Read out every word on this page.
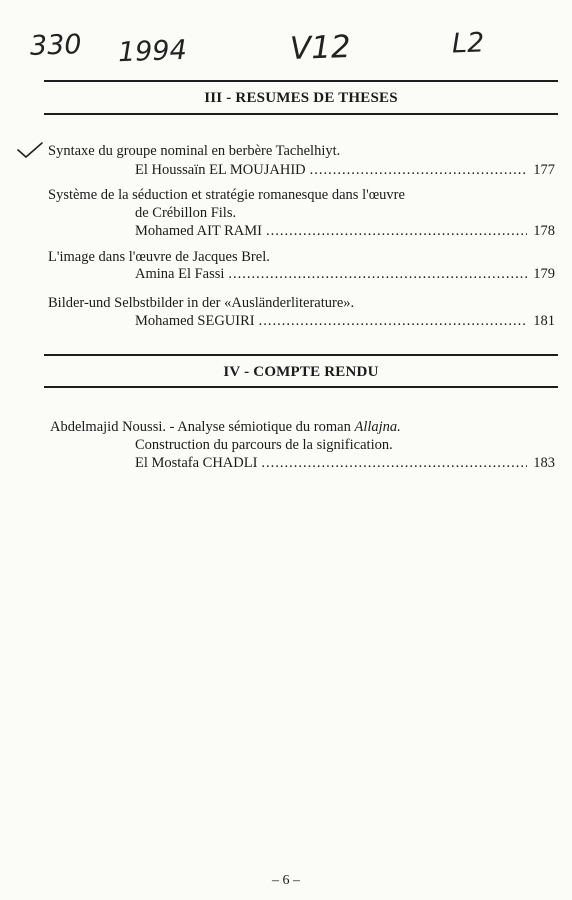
330 1994	V12	L2
III - RESUMES DE THESES
Syntaxe du groupe nominal en berbère Tachelhiyt.
El Houssaïn EL MOUJAHID .....	177
Système de la séduction et stratégie romanesque dans l'œuvre
de Crébillon Fils.
Mohamed AIT RAMI .....	178
L'image dans l'œuvre de Jacques Brel.
Amina El Fassi .....	179
Bilder-und Selbstbilder in der «Ausländerliterature».
Mohamed SEGUIRI .....	181
IV - COMPTE RENDU
Abdelmajid Noussi. - Analyse sémiotique du roman Allajna.
Construction du parcours de la signification.
El Mostafa CHADLI .....	183
– 6 –
